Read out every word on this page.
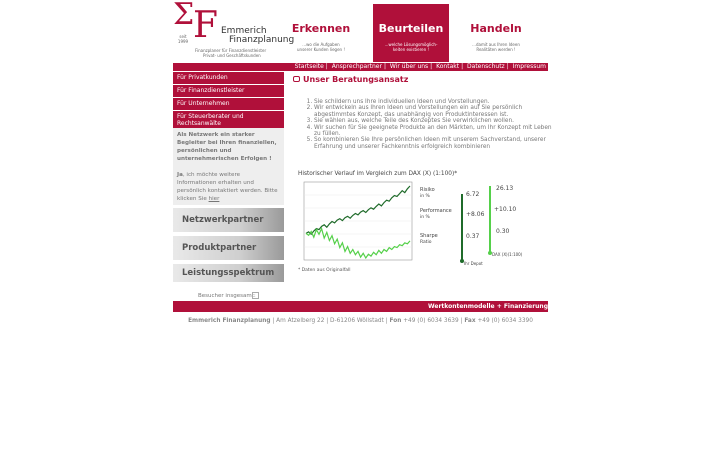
Σ
F
seit
1999
Emmerich
Finanzplanung
Finanzplaner für Finanzdienstleister
Privat- und Geschäftskunden
Erkennen
...wo die Aufgaben
unserer Kunden liegen !
Beurteilen
...welche Lösungsmöglich-
keiten existieren !
Handeln
...damit aus Ihren Ideen
Realitäten werden !
Startseite | Ansprechpartner | Wir über uns | Kontakt | Datenschutz | Impressum
Für Privatkunden
Für Finanzdienstleister
Für Unternehmen
Für Steuerberater und Rechtsanwälte
Als Netzwerk ein starker Begleiter bei Ihren finanziellen, persönlichen und unternehmerischen Erfolgen !

Ja, ich möchte weitere Informationen erhalten und persönlich kontaktiert werden. Bitte klicken Sie hier
Netzwerkpartner
Produktpartner
Leistungsspektrum
Besucher insgesamt:
Unser Beratungsansatz
1. Sie schildern uns Ihre individuellen Ideen und Vorstellungen.
2. Wir entwickeln aus Ihren Ideen und Vorstellungen ein auf Sie persönlich abgestimmtes Konzept, das unabhängig von Produktinteressen ist.
3. Sie wählen aus, welche Teile des Konzeptes Sie verwirklichen wollen.
4. Wir suchen für Sie geeignete Produkte an den Märkten, um Ihr Konzept mit Leben zu füllen.
5. So kombinieren Sie Ihre persönlichen Ideen mit unserem Sachverstand, unserer Erfahrung und unserer Fachkenntnis erfolgreich kombinieren
Historischer Verlauf im Vergleich zum DAX (X) (1:100)*
Risiko
in %
Performance
in %
Sharpe
Ratio
6.72
+8.06
0.37
Ihr Depot
26.13
+10.10
0.30
DAX (X)(1:100)
* Daten aus Originalfall
Wertkontenmodelle + Finanzierung
Emmerich Finanzplanung | Am Atzelberg 22 | D-61206 Wöllstadt | Fon +49 (0) 6034 3639 | Fax +49 (0) 6034 3390
